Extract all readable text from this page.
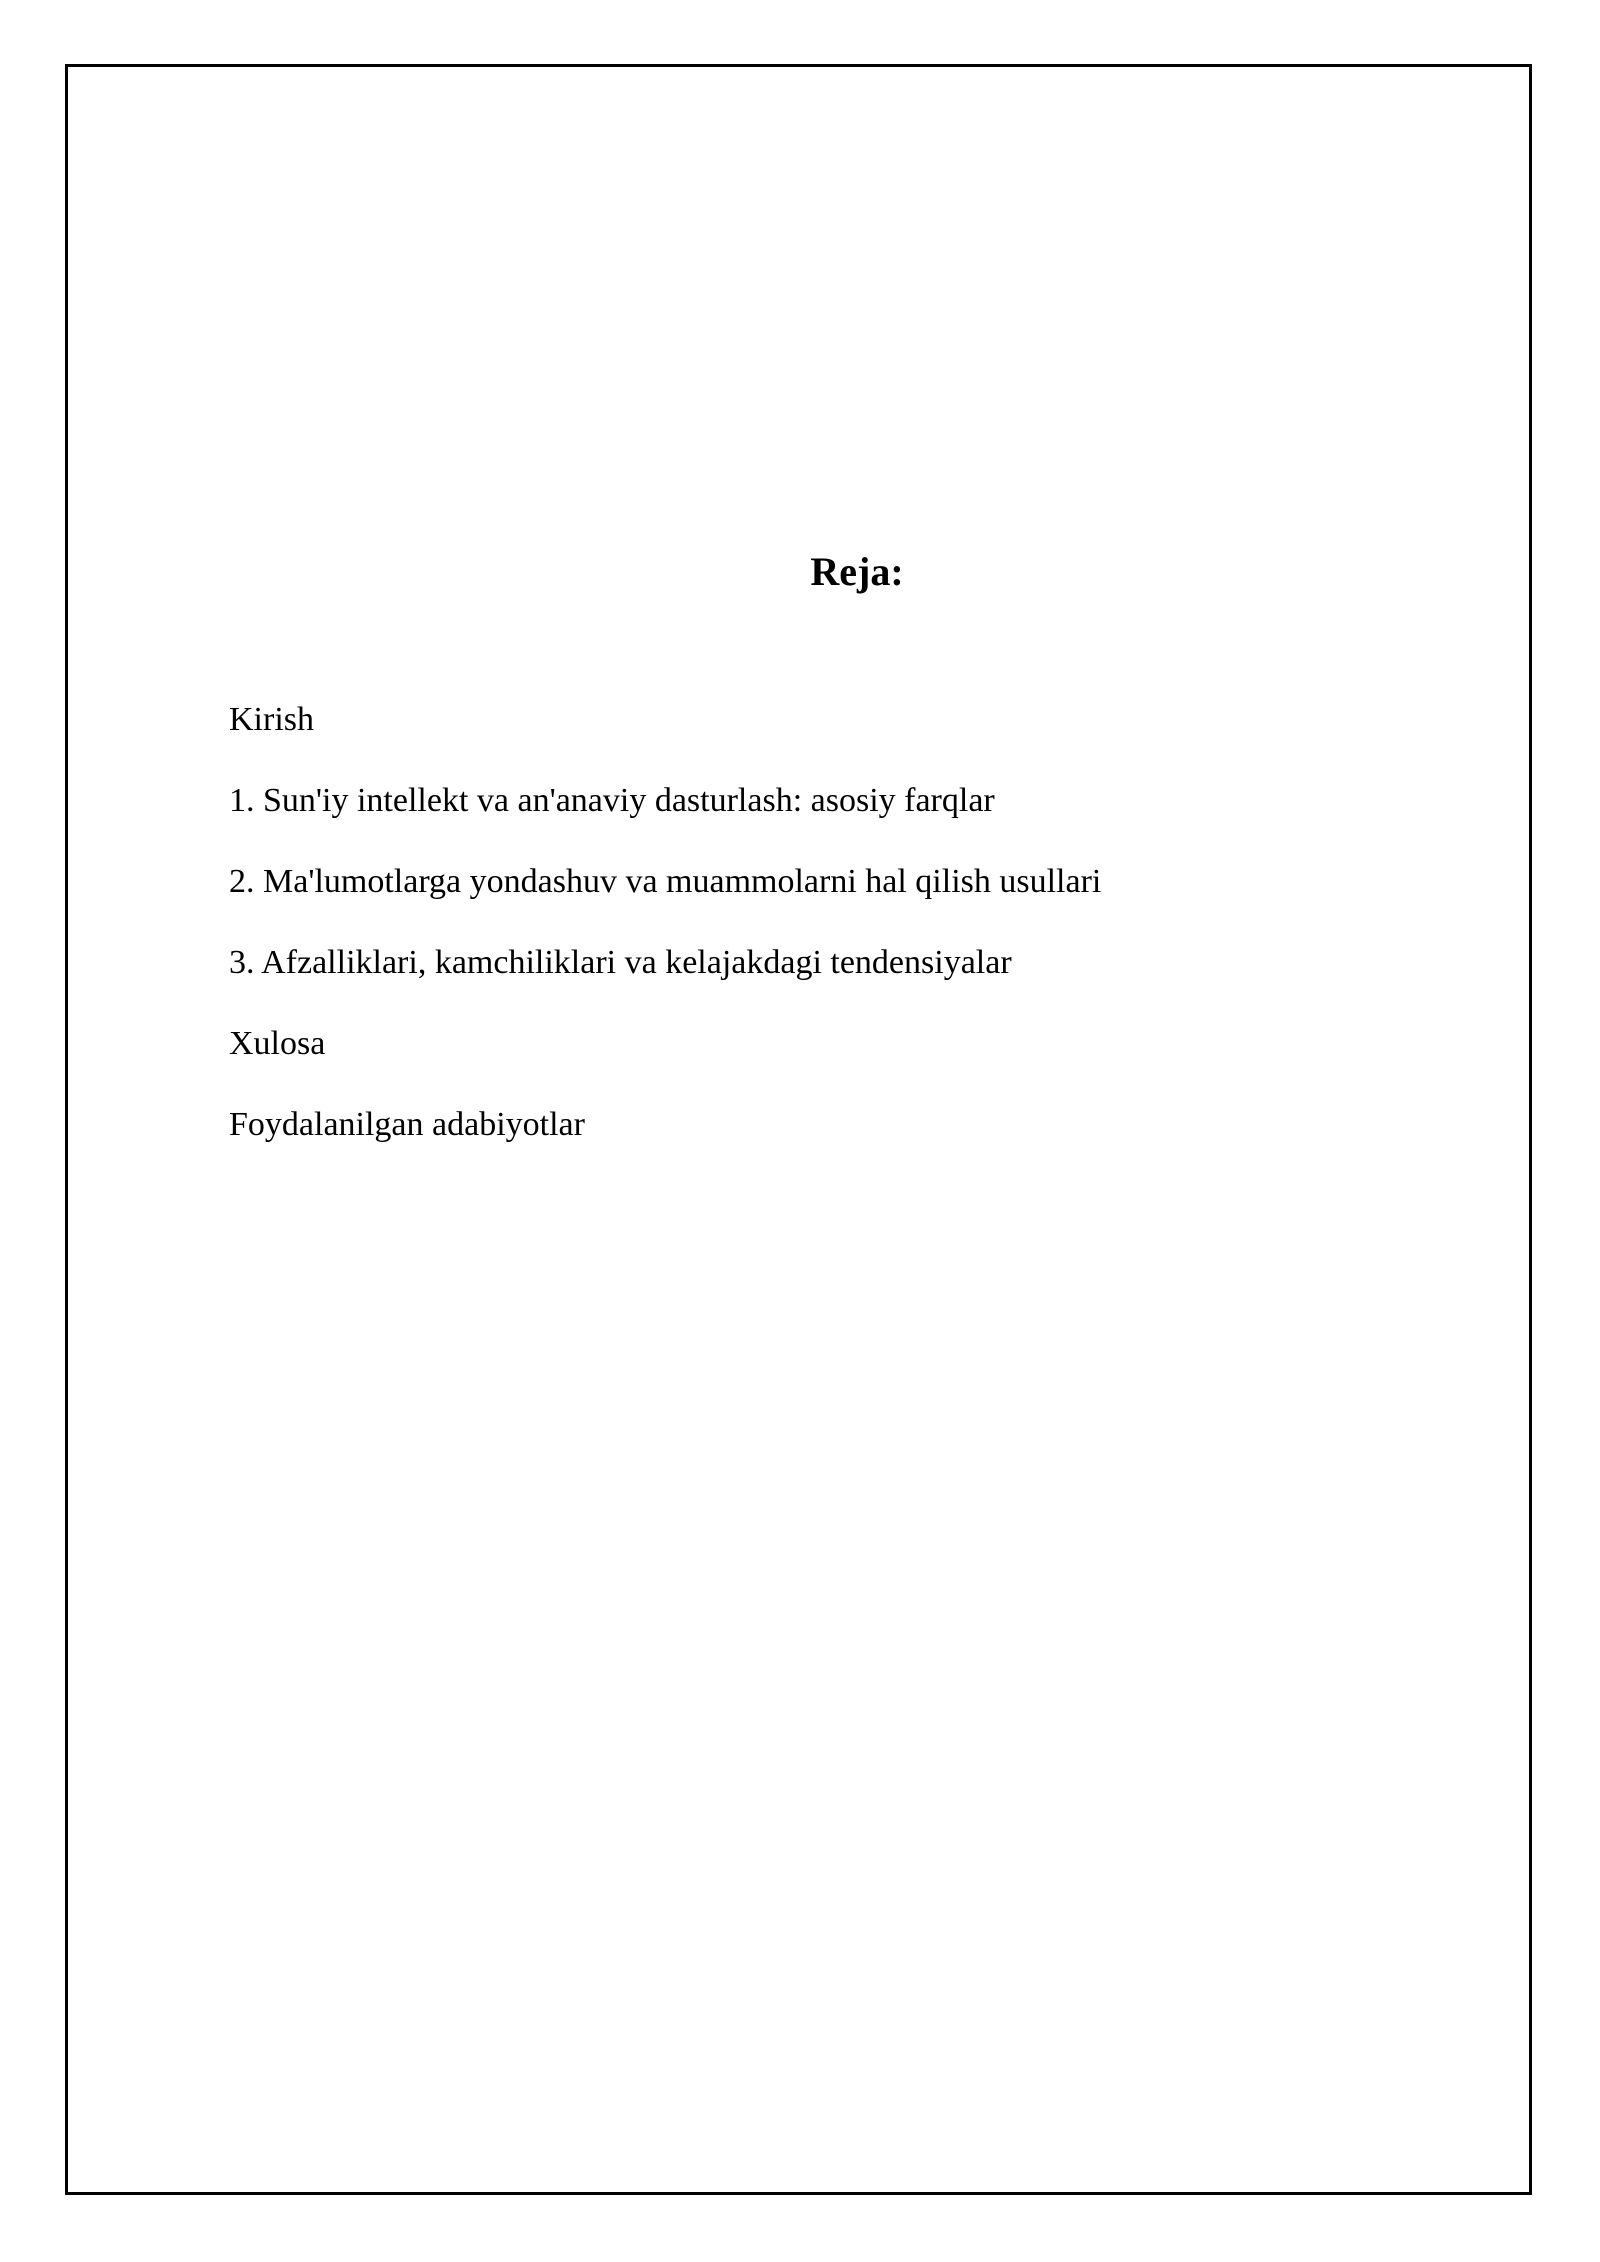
Reja:
Kirish
1. Sun'iy intellekt va an'anaviy dasturlash: asosiy farqlar
2. Ma'lumotlarga yondashuv va muammolarni hal qilish usullari
3. Afzalliklari, kamchiliklari va kelajakdagi tendensiyalar
Xulosa
Foydalanilgan adabiyotlar
